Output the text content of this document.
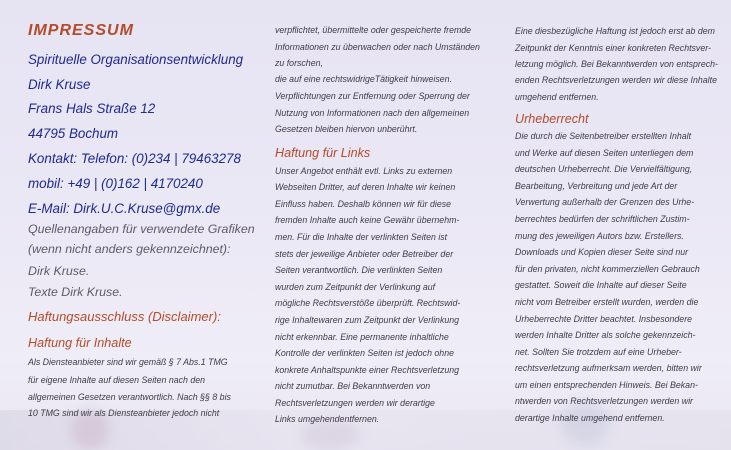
IMPRESSUM
Spirituelle Organisationsentwicklung
Dirk Kruse
Frans Hals Straße 12
44795 Bochum
Kontakt: Telefon: (0)234 | 79463278
mobil: +49 | (0)162 | 4170240
E-Mail: Dirk.U.C.Kruse@gmx.de
Quellenangaben für verwendete Grafiken
(wenn nicht anders gekennzeichnet):
Dirk Kruse.
Texte Dirk Kruse.
Haftungsausschluss (Disclaimer):
Haftung für Inhalte
Als Diensteanbieter sind wir gemäß § 7 Abs.1 TMG
für eigene Inhalte auf diesen Seiten nach den
allgemeinen Gesetzen verantwortlich. Nach §§ 8 bis
10 TMG sind wir als Diensteanbieter jedoch nicht
verpflichtet, übermittelte oder gespeicherte fremde
Informationen zu überwachen oder nach Umständen
zu forschen,
die auf eine rechtswidrigeTätigkeit hinweisen.
Verpflichtungen zur Entfernung oder Sperrung der
Nutzung von Informationen nach den allgemeinen
Gesetzen bleiben hiervon unberührt.
Haftung für Links
Unser Angebot enthält evtl. Links zu externen
Webseiten Dritter, auf deren Inhalte wir keinen
Einfluss haben. Deshalb können wir für diese
fremden Inhalte auch keine Gewähr übernehm-
men. Für die Inhalte der verlinkten Seiten ist
stets der jeweilige Anbieter oder Betreiber der
Seiten verantwortlich. Die verlinkten Seiten
wurden zum Zeitpunkt der Verlinkung auf
mögliche Rechtsverstöße überprüft. Rechtswid-
rige Inhaltewaren zum Zeitpunkt der Verlinkung
nicht erkennbar. Eine permanente inhaltliche
Kontrolle der verlinkten Seiten ist jedoch ohne
konkrete Anhaltspunkte einer Rechtsverletzung
nicht zumutbar. Bei Bekanntwerden von
Rechtsverletzungen werden wir derartige
Links umgehendentfernen.
Eine diesbezügliche Haftung ist jedoch erst ab dem
Zeitpunkt der Kenntnis einer konkreten Rechtsver-
letzung möglich. Bei Bekanntwerden von entsprech-
enden Rechtsverletzungen werden wir diese Inhalte
umgehend entfernen.
Urheberrecht
Die durch die Seitenbetreiber erstellten Inhalt
und Werke auf diesen Seiten unterliegen dem
deutschen Urheberrecht. Die Vervielfältigung,
Bearbeitung, Verbreitung und jede Art der
Verwertung außerhalb der Grenzen des Urhe-
berrechtes bedürfen der schriftlichen Zustim-
mung des jeweiligen Autors bzw. Erstellers.
Downloads und Kopien dieser Seite sind nur
für den privaten, nicht kommerziellen Gebrauch
gestattet. Soweit die Inhalte auf dieser Seite
nicht vom Betreiber erstellt wurden, werden die
Urheberrechte Dritter beachtet. Insbesondere
werden Inhalte Dritter als solche gekennzeich-
net. Sollten Sie trotzdem auf eine Urheber-
rechtsverletzung aufmerksam werden, bitten wir
um einen entsprechenden Hinweis. Bei Bekan-
ntwerden von Rechtsverletzungen werden wir
derartige Inhalte umgehend entfernen.
